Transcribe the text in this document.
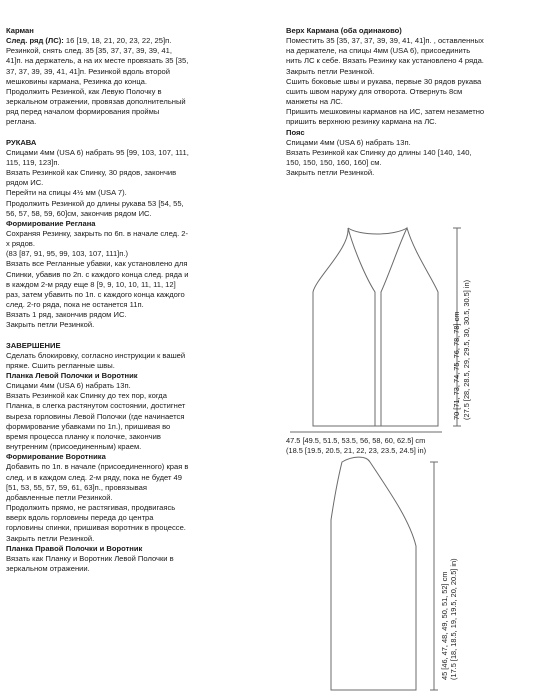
Карман

След. ряд (ЛС): 16 [19, 18, 21, 20, 23, 22, 25]п.

Резинкой, снять след. 35 [35, 37, 37, 39, 39, 41,

41]п. на держатель, а на их месте провязать 35 [35,

37, 37, 39, 39, 41, 41]п. Резинкой вдоль второй

мешковины кармана, Резинка до конца.

Продолжить Резинкой, как Левую Полочку в

зеркальном отражении, провязав дополнительный

ряд перед началом формирования проймы

реглана.

РУКАВА

Спицами 4мм (USA 6) набрать 95 [99, 103, 107, 111,

115, 119, 123]п.

Вязать Резинкой как Спинку, 30 рядов, закончив

рядом ИС.

Перейти на спицы 4½ мм (USA 7).

Продолжить Резинкой до длины рукава 53 [54, 55,

56, 57, 58, 59, 60]см, закончив рядом ИС.

Формирование Реглана

Сохраняя Резинку, закрыть по 6п. в начале след. 2-

х рядов.

(83 [87, 91, 95, 99, 103, 107, 111]п.)

Вязать все Регланные убавки, как установлено для

Спинки, убавив по 2п. с каждого конца след. ряда и

в каждом 2-м ряду еще 8 [9, 9, 10, 10, 11, 11, 12]

раз, затем убавить по 1п. с каждого конца каждого

след. 2-го ряда, пока не останется 11п.

Вязать 1 ряд, закончив рядом ИС.

Закрыть петли Резинкой.

ЗАВЕРШЕНИЕ

Сделать блокировку, согласно инструкции к вашей

пряже. Сшить регланные швы.

Планка Левой Полочки и Воротник

Спицами 4мм (USA 6) набрать 13п.

Вязать Резинкой как Спинку до тех пор, когда

Планка, в слегка растянутом состоянии, достигнет

выреза горловины Левой Полочки (где начинается

формирование убавками по 1п.), пришивая во

время процесса планку к полочке, закончив

внутренним (присоединенным) краем.

Формирование Воротника

Добавить по 1п. в начале (присоединенного) края в

след. и в каждом след. 2-м ряду, пока не будет 49

[51, 53, 55, 57, 59, 61, 63]п., провязывая

добавленные петли Резинкой.

Продолжить прямо, не растягивая, продвигаясь

вверх вдоль горловины переда до центра

горловины спинки, пришивая воротник в процессе.

Закрыть петли Резинкой.

Планка Правой Полочки и Воротник

Вязать как Планку и Воротник Левой Полочки в

зеркальном отражении.

Верх Кармана (оба одинаково)

Поместить 35 [35, 37, 37, 39, 39, 41, 41]п. , оставленных

на держателе, на спицы 4мм (USA 6), присоединить

нить ЛС к себе. Вязать Резинку как установлено 4 ряда.

Закрыть петли Резинкой.

Сшить боковые швы и рукава, первые 30 рядов рукава

сшить швом наружу для отворота. Отвернуть 8см

манжеты на ЛС.

Пришить мешковины карманов на ИС, затем незаметно

пришить верхнюю резинку кармана на ЛС.

Пояс

Спицами 4мм (USA 6) набрать 13п.

Вязать Резинкой как Спинку до длины 140 [140, 140,

150, 150, 150, 160, 160] см.

Закрыть петли Резинкой.

70 [71, 73, 74, 75, 76, 78, 78] cm (27.5 [28, 28.5, 29, 29.5, 30, 30.5, 30.5] in)
47.5 [49.5, 51.5, 53.5, 56, 58, 60, 62.5] cm
(18.5 [19.5, 20.5, 21, 22, 23, 23.5, 24.5] in)
45 [46, 47, 48, 49, 50, 51, 52] cm (17.5 [18, 18.5, 19, 19.5, 20, 20.5] in)
